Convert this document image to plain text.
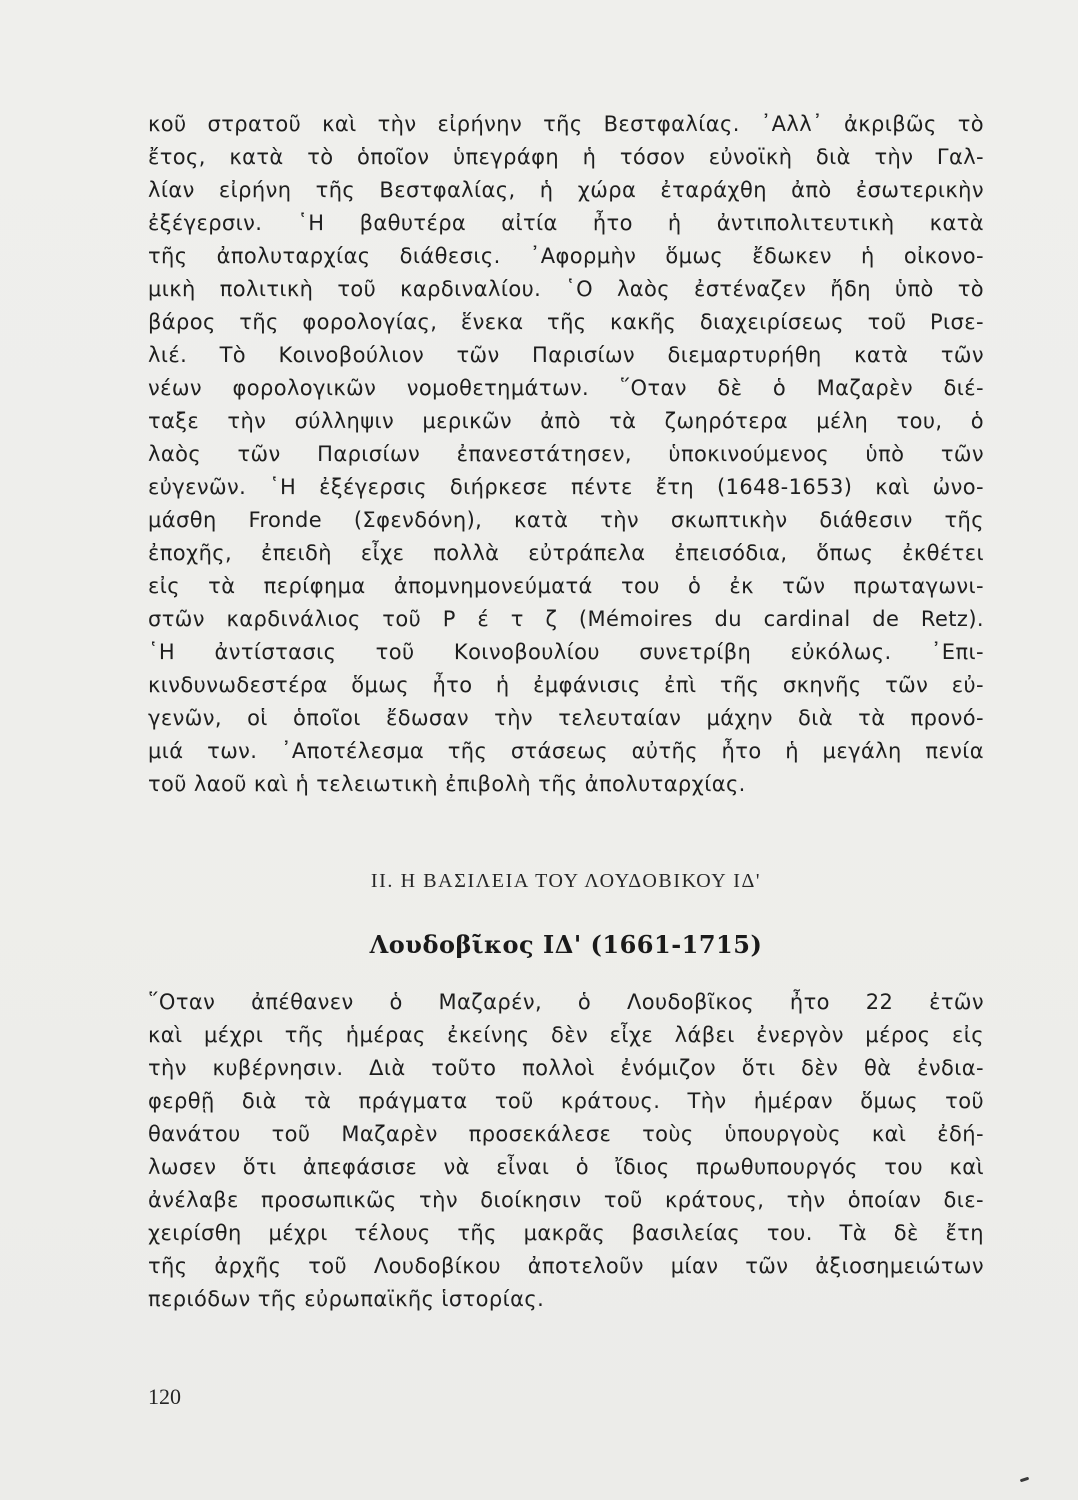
κοῦ στρατοῦ καὶ τὴν εἰρήνην τῆς Βεστφαλίας. ᾿Αλλ᾿ ἀκριβῶς τὸ
ἔτος, κατὰ τὸ ὁποῖον ὑπεγράφη ἡ τόσον εὐνοϊκὴ διὰ τὴν Γαλ-
λίαν εἰρήνη τῆς Βεστφαλίας, ἡ χώρα ἐταράχθη ἀπὸ ἐσωτερικὴν
ἐξέγερσιν. ῾Η βαθυτέρα αἰτία ἦτο ἡ ἀντιπολιτευτικὴ κατὰ
τῆς ἀπολυταρχίας διάθεσις. ᾿Αφορμὴν ὅμως ἔδωκεν ἡ οἰκονο-
μικὴ πολιτικὴ τοῦ καρδιναλίου. ῾Ο λαὸς ἐστέναζεν ἤδη ὑπὸ τὸ
βάρος τῆς φορολογίας, ἕνεκα τῆς κακῆς διαχειρίσεως τοῦ Ρισε-
λιέ. Τὸ Κοινοβούλιον τῶν Παρισίων διεμαρτυρήθη κατὰ τῶν
νέων φορολογικῶν νομοθετημάτων. ῞Οταν δὲ ὁ Μαζαρὲν διέ-
ταξε τὴν σύλληψιν μερικῶν ἀπὸ τὰ ζωηρότερα μέλη του, ὁ
λαὸς τῶν Παρισίων ἐπανεστάτησεν, ὑποκινούμενος ὑπὸ τῶν
εὐγενῶν. ῾Η ἐξέγερσις διήρκεσε πέντε ἔτη (1648-1653) καὶ ὠνο-
μάσθη Fronde (Σφενδόνη), κατὰ τὴν σκωπτικὴν διάθεσιν τῆς
ἐποχῆς, ἐπειδὴ εἶχε πολλὰ εὐτράπελα ἐπεισόδια, ὅπως ἐκθέτει
εἰς τὰ περίφημα ἀπομνημονεύματά του ὁ ἐκ τῶν πρωταγωνι-
στῶν καρδινάλιος τοῦ Ρ έ τ ζ (Mémoires du cardinal de Retz).
῾Η ἀντίστασις τοῦ Κοινοβουλίου συνετρίβη εὐκόλως. ᾿Επι-
κινδυνωδεστέρα ὅμως ἦτο ἡ ἐμφάνισις ἐπὶ τῆς σκηνῆς τῶν εὐ-
γενῶν, οἱ ὁποῖοι ἔδωσαν τὴν τελευταίαν μάχην διὰ τὰ προνό-
μιά των. ᾿Αποτέλεσμα τῆς στάσεως αὐτῆς ἦτο ἡ μεγάλη πενία
τοῦ λαοῦ καὶ ἡ τελειωτικὴ ἐπιβολὴ τῆς ἀπολυταρχίας.
II. Η ΒΑΣΙΛΕΙΑ ΤΟΥ ΛΟΥΔΟΒΙΚΟΥ ΙΔ'
Λουδοβῖκος ΙΔ' (1661-1715)
῞Οταν ἀπέθανεν ὁ Μαζαρέν, ὁ Λουδοβῖκος ἦτο 22 ἐτῶν
καὶ μέχρι τῆς ἡμέρας ἐκείνης δὲν εἶχε λάβει ἐνεργὸν μέρος εἰς
τὴν κυβέρνησιν. Διὰ τοῦτο πολλοὶ ἐνόμιζον ὅτι δὲν θὰ ἐνδια-
φερθῇ διὰ τὰ πράγματα τοῦ κράτους. Τὴν ἡμέραν ὅμως τοῦ
θανάτου τοῦ Μαζαρὲν προσεκάλεσε τοὺς ὑπουργοὺς καὶ ἐδή-
λωσεν ὅτι ἀπεφάσισε νὰ εἶναι ὁ ἴδιος πρωθυπουργός του καὶ
ἀνέλαβε προσωπικῶς τὴν διοίκησιν τοῦ κράτους, τὴν ὁποίαν διε-
χειρίσθη μέχρι τέλους τῆς μακρᾶς βασιλείας του. Τὰ δὲ ἔτη
τῆς ἀρχῆς τοῦ Λουδοβίκου ἀποτελοῦν μίαν τῶν ἀξιοσημειώτων
περιόδων τῆς εὐρωπαϊκῆς ἱστορίας.
120
